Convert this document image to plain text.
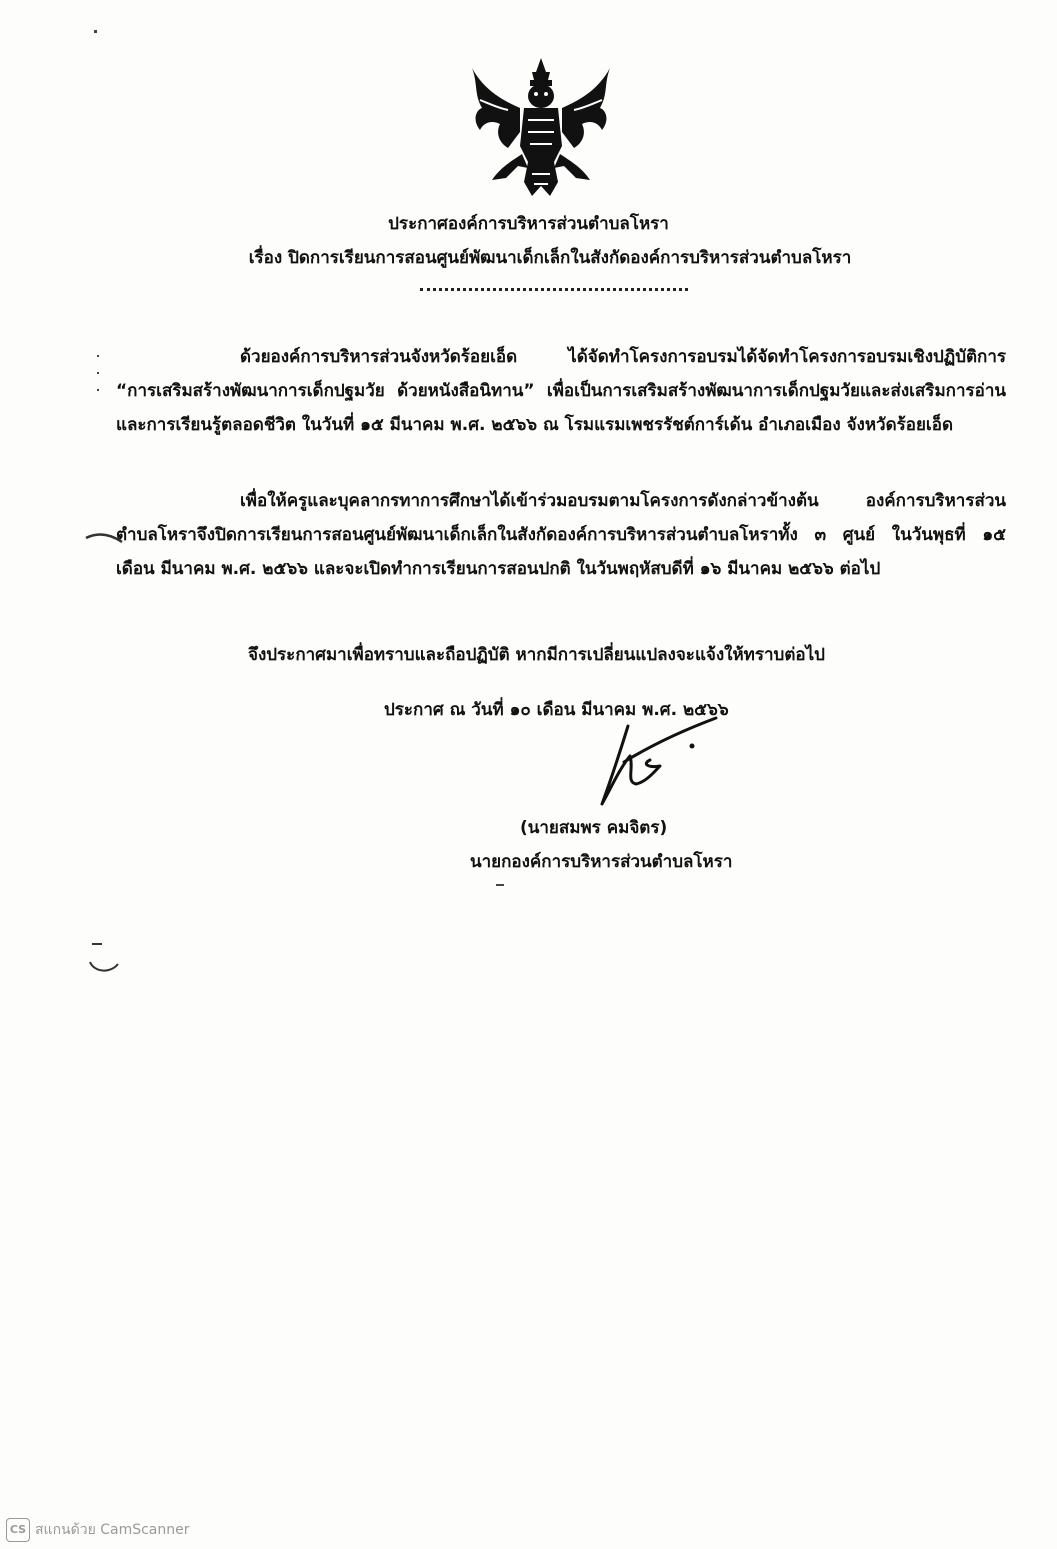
ประกาศองค์การบริหารส่วนตำบลโหรา
เรื่อง ปิดการเรียนการสอนศูนย์พัฒนาเด็กเล็กในสังกัดองค์การบริหารส่วนตำบลโหรา
ด้วยองค์การบริหารส่วนจังหวัดร้อยเอ็ด ได้จัดทำโครงการอบรมได้จัดทำโครงการอบรมเชิงปฏิบัติการ “การเสริมสร้างพัฒนาการเด็กปฐมวัย ด้วยหนังสือนิทาน” เพื่อเป็นการเสริมสร้างพัฒนาการเด็กปฐมวัยและส่งเสริมการอ่านและการเรียนรู้ตลอดชีวิต ในวันที่ ๑๕ มีนาคม พ.ศ. ๒๕๖๖ ณ โรมแรมเพชรรัชต์การ์เด้น อำเภอเมือง จังหวัดร้อยเอ็ด
เพื่อให้ครูและบุคลากรทาการศึกษาได้เข้าร่วมอบรมตามโครงการดังกล่าวข้างต้น องค์การบริหารส่วนตำบลโหราจึงปิดการเรียนการสอนศูนย์พัฒนาเด็กเล็กในสังกัดองค์การบริหารส่วนตำบลโหราทั้ง ๓ ศูนย์ ในวันพุธที่ ๑๕ เดือน มีนาคม พ.ศ. ๒๕๖๖ และจะเปิดทำการเรียนการสอนปกติ ในวันพฤหัสบดีที่ ๑๖ มีนาคม ๒๕๖๖ ต่อไป
จึงประกาศมาเพื่อทราบและถือปฏิบัติ หากมีการเปลี่ยนแปลงจะแจ้งให้ทราบต่อไป
ประกาศ ณ วันที่ ๑๐ เดือน มีนาคม พ.ศ. ๒๕๖๖
(นายสมพร คมจิตร)
นายกองค์การบริหารส่วนตำบลโหรา
CS สแกนด้วย CamScanner
